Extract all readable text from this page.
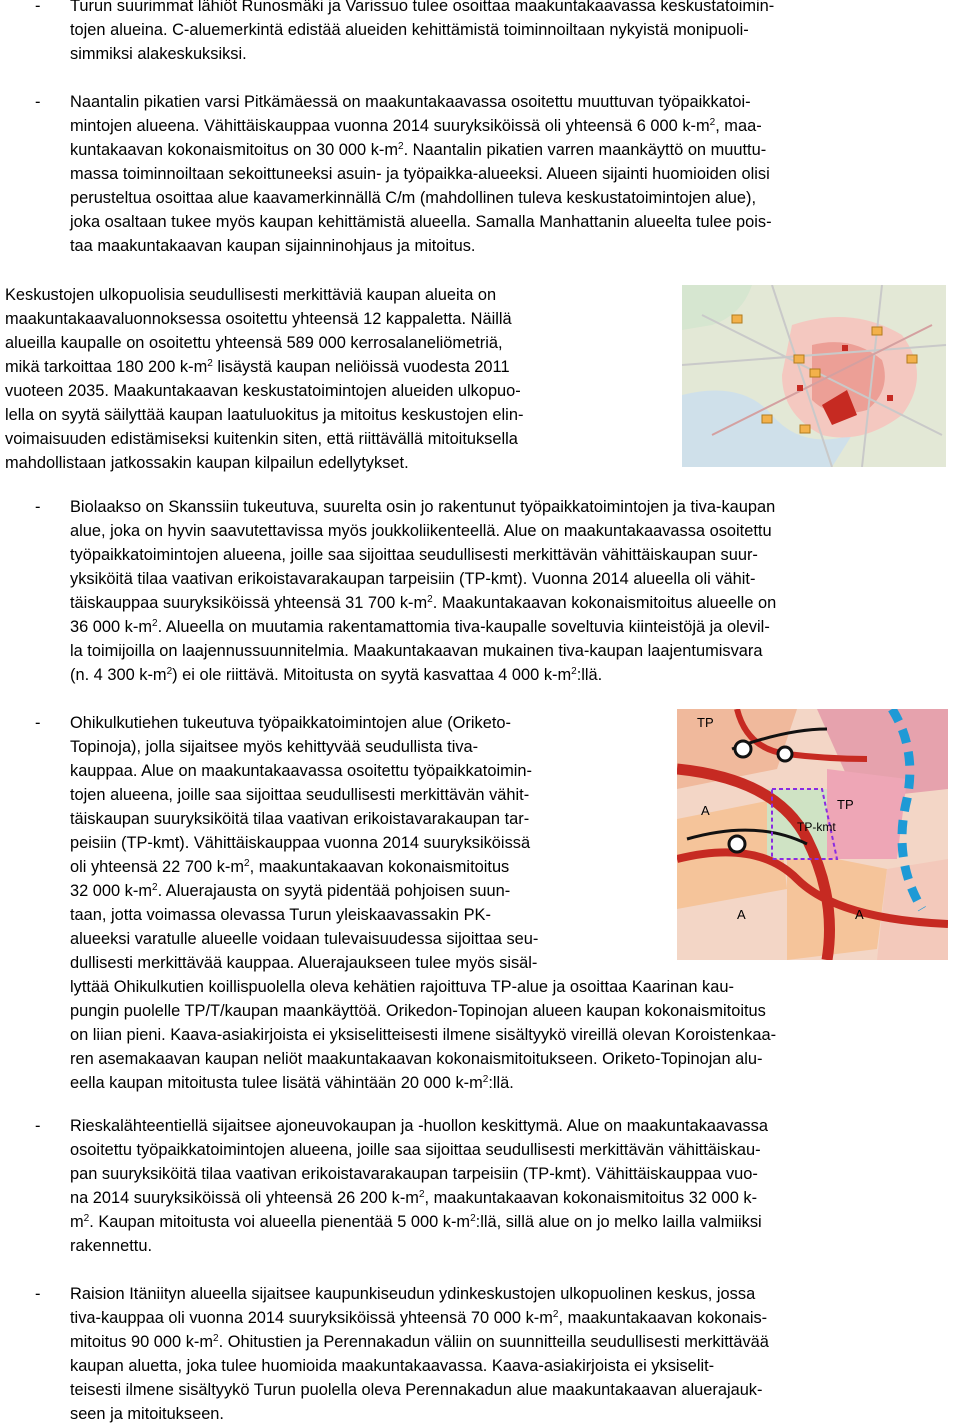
- Turun suurimmat lähiöt Runosmäki ja Varissuo tulee osoittaa maakuntakaavassa keskustatoimin-
tojen alueina. C-aluemerkintä edistää alueiden kehittämistä toiminnoiltaan nykyistä monipuoli-
simmiksi alakeskuksiksi.
- Naantalin pikatien varsi Pitkämäessä on maakuntakaavassa osoitettu muuttuvan työpaikkatoi-
mintojen alueena. Vähittäiskauppaa vuonna 2014 suuryksiköissä oli yhteensä 6 000 $k-m^2$, maa-
kuntakaavan kokonaismitoitus on 30 000 $k-m^2$. Naantalin pikatien varren maankäyttö on muuttu-
massa toiminnoiltaan sekoittuneeksi asuin- ja työpaikka-alueeksi. Alueen sijainti huomioiden olisi
perusteltua osoittaa alue kaavamerkinnällä C/m (mahdollinen tuleva keskustatoimintojen alue),
joka osaltaan tukee myös kaupan kehittämistä alueella. Samalla Manhattanin alueelta tulee pois-
taa maakuntakaavan kaupan sijainninohjaus ja mitoitus.
Keskustojen ulkopuolisia seudullisesti merkittäviä kaupan alueita on
maakuntakaavaluonnoksessa osoitettu yhteensä 12 kappaletta. Näillä
alueilla kaupalle on osoitettu yhteensä 589 000 kerrosalaneliömetriä,
mikä tarkoittaa 180 200 $k-m^2$ lisäystä kaupan neliöissä vuodesta 2011
vuoteen 2035. Maakuntakaavan keskustatoimintojen alueiden ulkopuo-
lella on syytä säilyttää kaupan laatuluokitus ja mitoitus keskustojen elin-
voimaisuuden edistämiseksi kuitenkin siten, että riittävällä mitoituksella
mahdollistaan jatkossakin kaupan kilpailun edellytykset.
- Biolaakso on Skanssiin tukeutuva, suurelta osin jo rakentunut työpaikkatoimintojen ja tiva-kaupan
alue, joka on hyvin saavutettavissa myös joukkoliikenteellä. Alue on maakuntakaavassa osoitettu
työpaikkatoimintojen alueena, joille saa sijoittaa seudullisesti merkittävän vähittäiskaupan suur-
yksiköitä tilaa vaativan erikoistavarakaupan tarpeisiin (TP-kmt). Vuonna 2014 alueella oli vähit-
täiskauppaa suuryksiköissä yhteensä 31 700 $k-m^2$. Maakuntakaavan kokonaismitoitus alueelle on
36 000 $k-m^2$. Alueella on muutamia rakentamattomia tiva-kaupalle soveltuvia kiinteistöjä ja olevil-
la toimijoilla on laajennussuunnitelmia. Maakuntakaavan mukainen tiva-kaupan laajentumisvara
(n. 4 300 $k-m^2$) ei ole riittävä. Mitoitusta on syytä kasvattaa 4 000 $k-m^2:llä$.
- Ohikulkutiehen tukeutuva työpaikkatoimintojen alue (Oriketo-
Topinoja), jolla sijaitsee myös kehittyvää seudullista tiva-
kauppaa. Alue on maakuntakaavassa osoitettu työpaikkatoimin-
tojen alueena, joille saa sijoittaa seudullisesti merkittävän vähit-
täiskaupan suuryksiköitä tilaa vaativan erikoistavarakaupan tar-
peisiin (TP-kmt). Vähittäiskauppaa vuonna 2014 suuryksiköissä
oli yhteensä 22 700 $k-m^2$, maakuntakaavan kokonaismitoitus
32 000 $k-m^2$. Aluerajausta on syytä pidentää pohjoisen suun-
taan, jotta voimassa olevassa Turun yleiskaavassakin PK-
alueeksi varatulle alueelle voidaan tulevaisuudessa sijoittaa seu-
dullisesti merkittävää kauppaa. Aluerajaukseen tulee myös sisäl-
lyttää Ohikulkutien koillispuolella oleva kehätien rajoittuva TP-alue ja osoittaa Kaarinan kau-
pungin puolelle TP/T/kaupan maankäyttöä. Orikedon-Topinojan alueen kaupan kokonaismitoitus
on liian pieni. Kaava-asiakirjoista ei yksiselitteisesti ilmene sisältyykö vireillä olevan Koroistenkaa-
ren asemakaavan kaupan neliöt maakuntakaavan kokonaismitoitukseen. Oriketo-Topinojan alu-
eella kaupan mitoitusta tulee lisätä vähintään 20 000 $k-m^2:llä$.
TP
TP
TP-kmt
A
A	A
- Rieskalähteentiellä sijaitsee ajoneuvokaupan ja -huollon keskittymä. Alue on maakuntakaavassa
osoitettu työpaikkatoimintojen alueena, joille saa sijoittaa seudullisesti merkittävän vähittäiskau-
pan suuryksiköitä tilaa vaativan erikoistavarakaupan tarpeisiin (TP-kmt). Vähittäiskauppaa vuo-
na 2014 suuryksiköissä oli yhteensä 26 200 $k-m^2$, maakuntakaavan kokonaismitoitus 32 000 k-
$m^2$. Kaupan mitoitusta voi alueella pienentää 5 000 $k-m^2:llä$, sillä alue on jo melko lailla valmiiksi
rakennettu.
- Raision Itäniityn alueella sijaitsee kaupunkiseudun ydinkeskustojen ulkopuolinen keskus, jossa
tiva-kauppaa oli vuonna 2014 suuryksiköissä yhteensä 70 000 $k-m^2$, maakuntakaavan kokonais-
mitoitus 90 000 $k-m^2$. Ohitustien ja Perennakadun väliin on suunnitteilla seudullisesti merkittävää
kaupan aluetta, joka tulee huomioida maakuntakaavassa. Kaava-asiakirjoista ei yksiselit-
teisesti ilmene sisältyykö Turun puolella oleva Perennakadun alue maakuntakaavan aluerajauk-
seen ja mitoitukseen.
